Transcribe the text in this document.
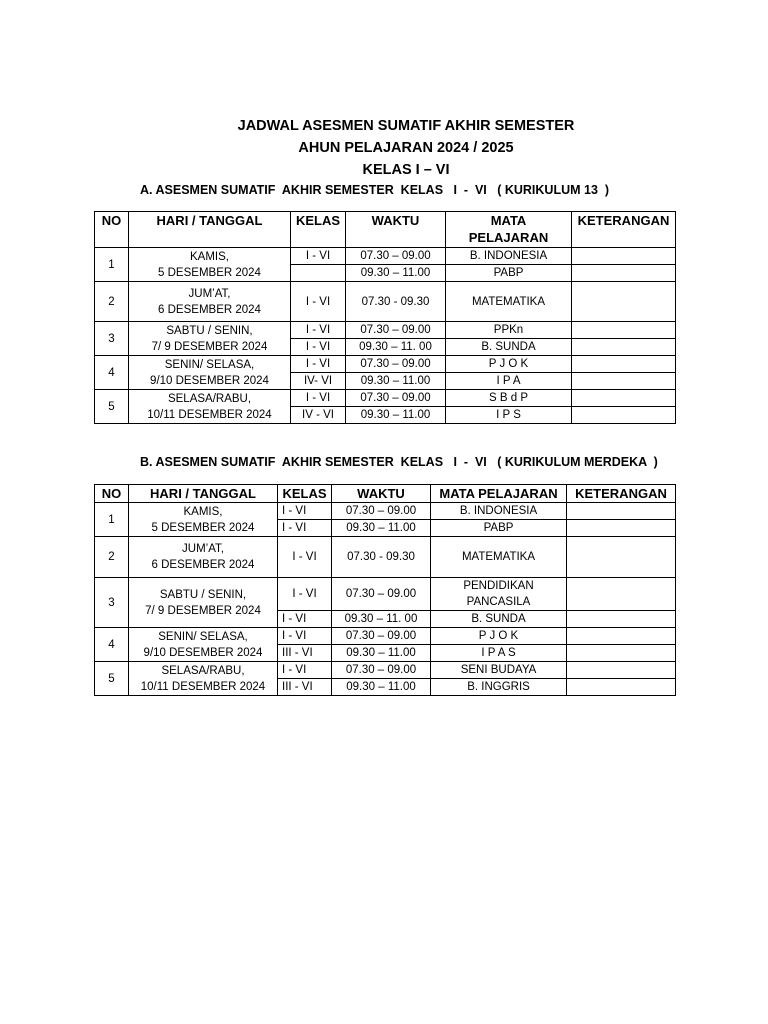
JADWAL ASESMEN SUMATIF AKHIR SEMESTER
AHUN PELAJARAN 2024 / 2025
KELAS I – VI
A. ASESMEN SUMATIF  AKHIR SEMESTER  KELAS   I  -  VI   ( KURIKULUM 13  )
NO	HARI / TANGGAL	KELAS	WAKTU	MATA
PELAJARAN	KETERANGAN
1	KAMIS,
5 DESEMBER 2024	I - VI	07.30 – 09.00	B. INDONESIA	
			09.30 – 11.00	PABP	
2	JUM’AT,
6 DESEMBER 2024	I - VI	07.30 - 09.30	MATEMATIKA	
3	SABTU / SENIN,
7/ 9 DESEMBER 2024	I - VI	07.30 – 09.00	PPKn	
		I - VI	09.30 – 11. 00	B. SUNDA	
4	SENIN/ SELASA,
9/10 DESEMBER 2024	I - VI	07.30 – 09.00	P J O K	
		IV- VI	09.30 – 11.00	I P A	
5	SELASA/RABU,
10/11 DESEMBER 2024	I - VI	07.30 – 09.00	S B d P	
		IV - VI	09.30 – 11.00	I P S	
B. ASESMEN SUMATIF  AKHIR SEMESTER  KELAS   I  -  VI   ( KURIKULUM MERDEKA  )
NO	HARI / TANGGAL	KELAS	WAKTU	MATA PELAJARAN	KETERANGAN
1	KAMIS,
5 DESEMBER 2024	I - VI	07.30 – 09.00	B. INDONESIA	
		I - VI	09.30 – 11.00	PABP	
2	JUM’AT,
6 DESEMBER 2024	I - VI	07.30 - 09.30	MATEMATIKA	
3	SABTU / SENIN,
7/ 9 DESEMBER 2024	I - VI	07.30 – 09.00	PENDIDIKAN
PANCASILA	
		I - VI	09.30 – 11. 00	B. SUNDA	
4	SENIN/ SELASA,
9/10 DESEMBER 2024	I - VI	07.30 – 09.00	P J O K	
		III - VI	09.30 – 11.00	I P A S	
5	SELASA/RABU,
10/11 DESEMBER 2024	I - VI	07.30 – 09.00	SENI BUDAYA	
		III - VI	09.30 – 11.00	B. INGGRIS	
